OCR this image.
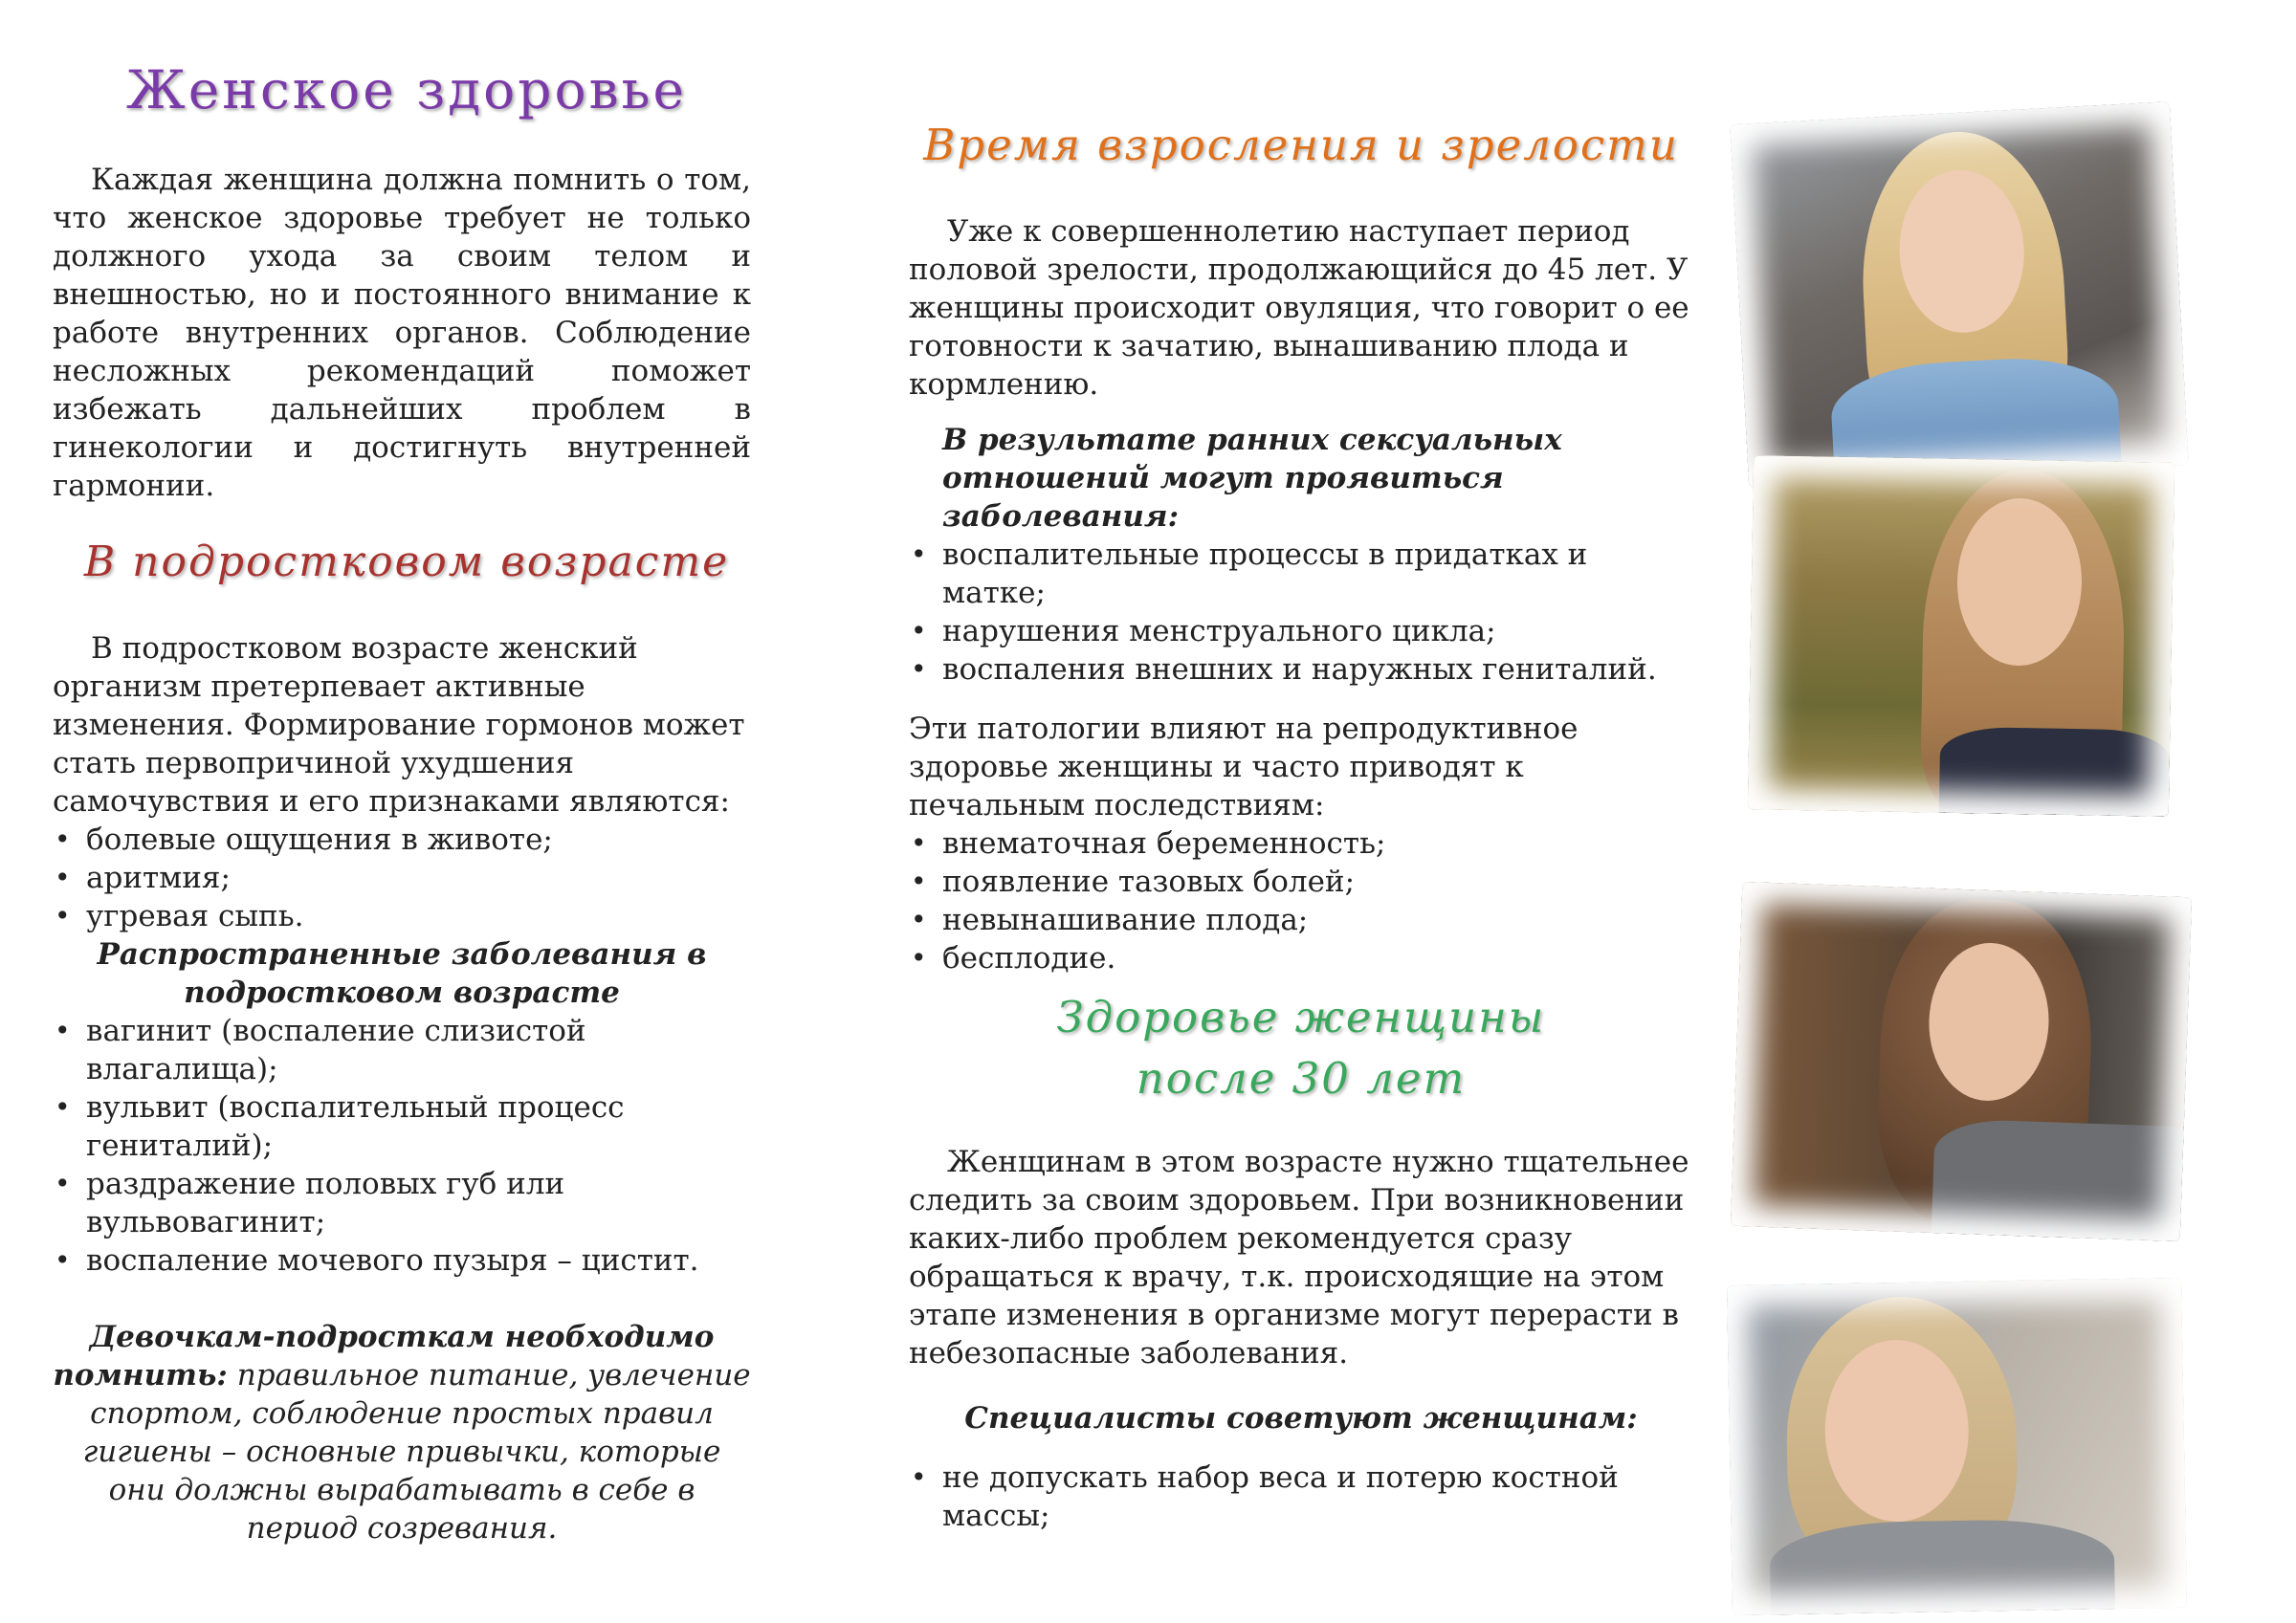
Женское здоровье

Каждая женщина должна помнить о том, что женское здоровье требует не только должного ухода за своим телом и внешностью, но и постоянного внимание к работе внутренних органов. Соблюдение несложных рекомендаций поможет избежать дальнейших проблем в гинекологии и достигнуть внутренней гармонии.

В подростковом возрасте

В подростковом возрасте женский организм претерпевает активные изменения. Формирование гормонов может стать первопричиной ухудшения самочувствия и его признаками являются:

• болевые ощущения в животе;
• аритмия;
• угревая сыпь.

Распространенные заболевания в

подростковом возрасте

• вагинит (воспаление слизистой влагалища);
• вульвит (воспалительный процесс гениталий);
• раздражение половых губ или вульвовагинит;
• воспаление мочевого пузыря – цистит.

Девочкам-подросткам необходимо помнить: правильное питание, увлечение спортом, соблюдение простых правил гигиены – основные привычки, которые они должны вырабатывать в себе в период созревания.

Время взросления и зрелости

Уже к совершеннолетию наступает период половой зрелости, продолжающийся до 45 лет. У женщины происходит овуляция, что говорит о ее готовности к зачатию, вынашиванию плода и кормлению.

В результате ранних сексуальных отношений могут проявиться заболевания:

• воспалительные процессы в придатках и матке;
• нарушения менструального цикла;
• воспаления внешних и наружных гениталий.

Эти патологии влияют на репродуктивное здоровье женщины и часто приводят к печальным последствиям:

• внематочная беременность;
• появление тазовых болей;
• невынашивание плода;
• бесплодие.
Здоровье женщины
после 30 лет

Женщинам в этом возрасте нужно тщательнее следить за своим здоровьем. При возникновении каких-либо проблем рекомендуется сразу обращаться к врачу, т.к. происходящие на этом этапе изменения в организме могут перерасти в небезопасные заболевания.

Специалисты советуют женщинам:

• не допускать набор веса и потерю костной массы;
